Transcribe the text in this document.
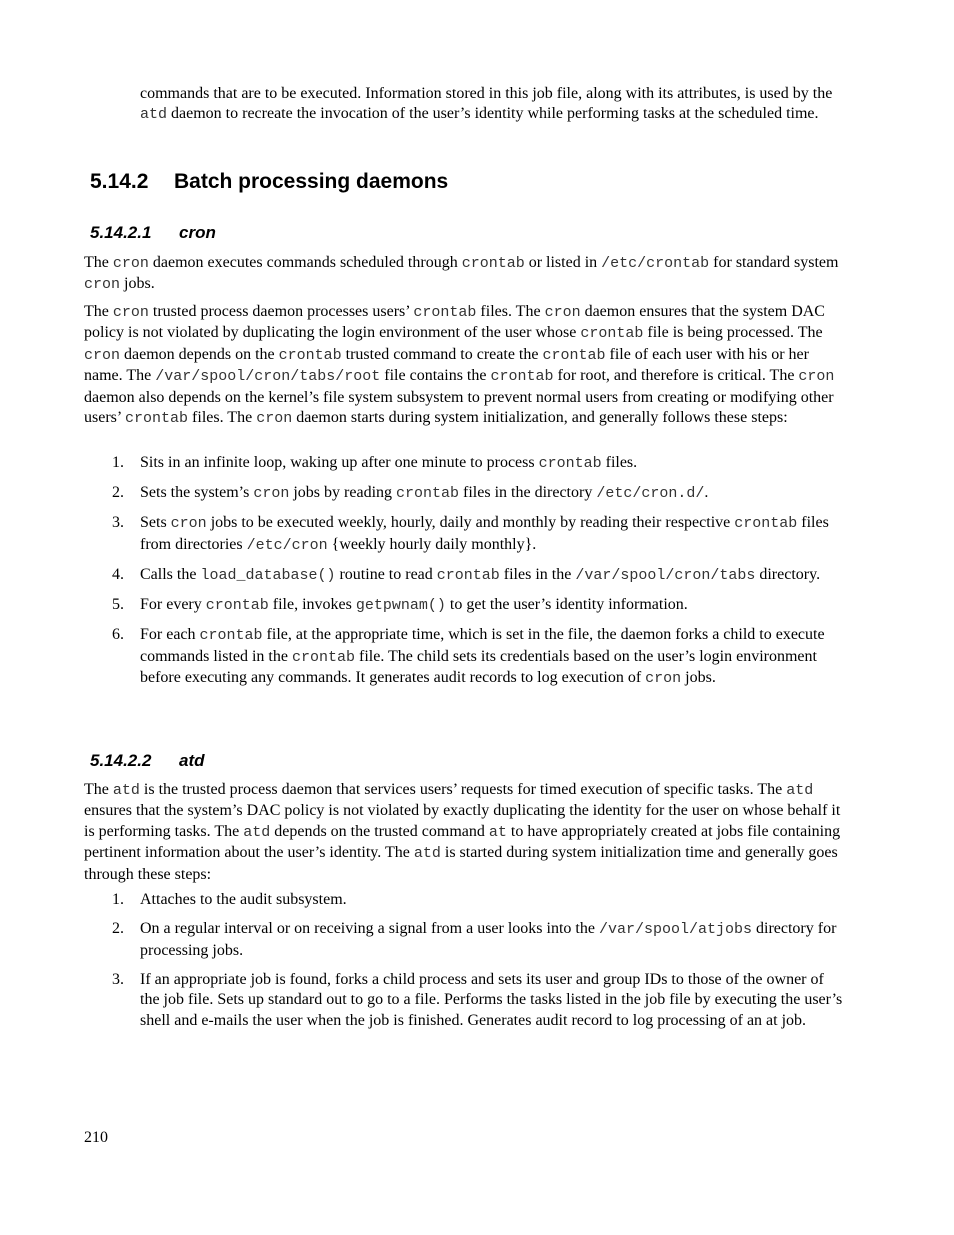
commands that are to be executed. Information stored in this job file, along with its attributes, is used by the atd daemon to recreate the invocation of the user’s identity while performing tasks at the scheduled time.

5.14.2 Batch processing daemons
5.14.2.1 cron

The cron daemon executes commands scheduled through crontab or listed in /etc/crontab for standard system cron jobs.

The cron trusted process daemon processes users’ crontab files. The cron daemon ensures that the system DAC policy is not violated by duplicating the login environment of the user whose crontab file is being processed. The cron daemon depends on the crontab trusted command to create the crontab file of each user with his or her name. The /var/spool/cron/tabs/root file contains the crontab for root, and therefore is critical. The cron daemon also depends on the kernel’s file system subsystem to prevent normal users from creating or modifying other users’ crontab files. The cron daemon starts during system initialization, and generally follows these steps:

1. Sits in an infinite loop, waking up after one minute to process crontab files.
2. Sets the system’s cron jobs by reading crontab files in the directory /etc/cron.d/.
3. Sets cron jobs to be executed weekly, hourly, daily and monthly by reading their respective crontab files from directories /etc/cron {weekly hourly daily monthly}.
4. Calls the load_database() routine to read crontab files in the /var/spool/cron/tabs directory.
5. For every crontab file, invokes getpwnam() to get the user’s identity information.
6. For each crontab file, at the appropriate time, which is set in the file, the daemon forks a child to execute commands listed in the crontab file. The child sets its credentials based on the user’s login environment before executing any commands. It generates audit records to log execution of cron jobs.
5.14.2.2 atd

The atd is the trusted process daemon that services users’ requests for timed execution of specific tasks. The atd ensures that the system’s DAC policy is not violated by exactly duplicating the identity for the user on whose behalf it is performing tasks. The atd depends on the trusted command at to have appropriately created at jobs file containing pertinent information about the user’s identity. The atd is started during system initialization time and generally goes through these steps:

1. Attaches to the audit subsystem.
2. On a regular interval or on receiving a signal from a user looks into the /var/spool/atjobs directory for processing jobs.
3. If an appropriate job is found, forks a child process and sets its user and group IDs to those of the owner of the job file. Sets up standard out to go to a file. Performs the tasks listed in the job file by executing the user’s shell and e-mails the user when the job is finished. Generates audit record to log processing of an at job.

210
